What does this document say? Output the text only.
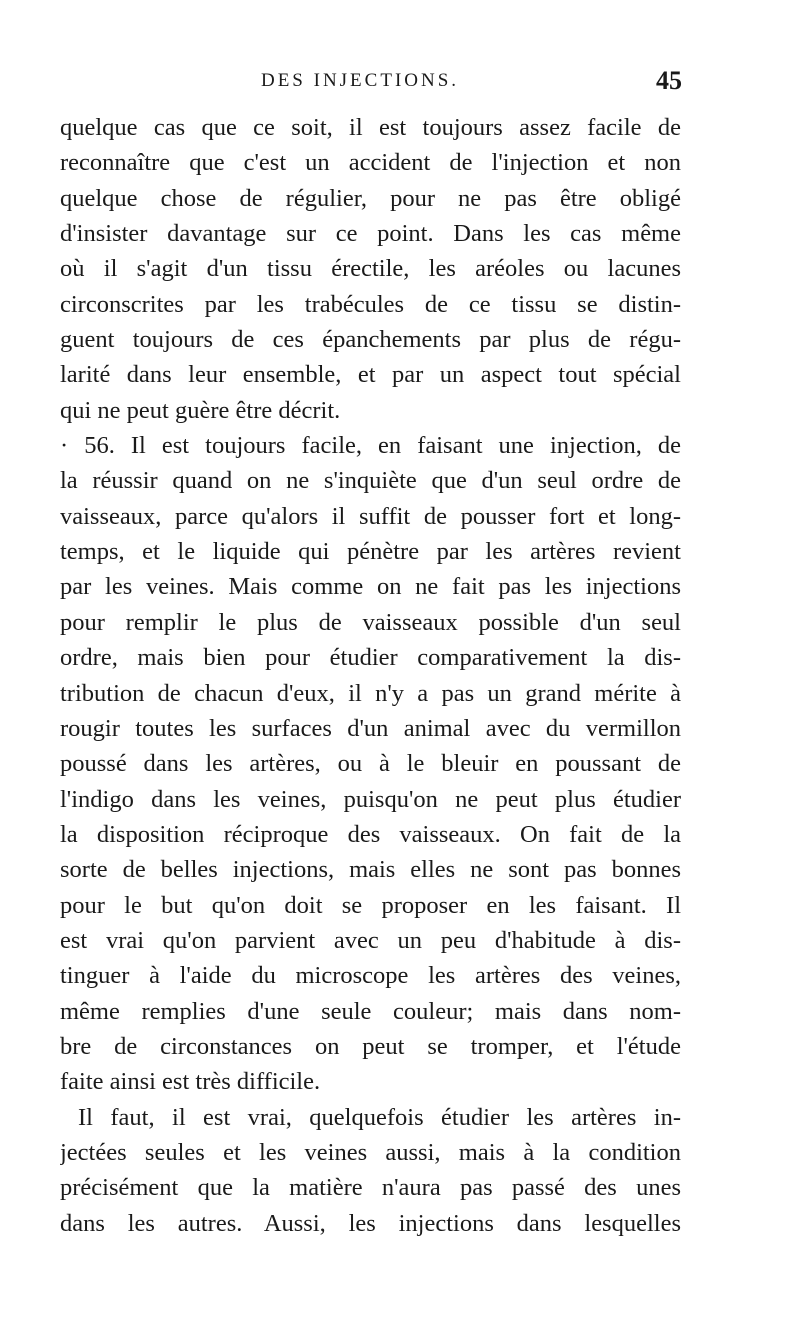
DES INJECTIONS.	45
quelque cas que ce soit, il est toujours assez facile de
reconnaître que c'est un accident de l'injection et non
quelque chose de régulier, pour ne pas être obligé
d'insister davantage sur ce point. Dans les cas même
où il s'agit d'un tissu érectile, les aréoles ou lacunes
circonscrites par les trabécules de ce tissu se distin-
guent toujours de ces épanchements par plus de régu-
larité dans leur ensemble, et par un aspect tout spécial
qui ne peut guère être décrit.
· 56. Il est toujours facile, en faisant une injection, de
la réussir quand on ne s'inquiète que d'un seul ordre de
vaisseaux, parce qu'alors il suffit de pousser fort et long-
temps, et le liquide qui pénètre par les artères revient
par les veines. Mais comme on ne fait pas les injections
pour remplir le plus de vaisseaux possible d'un seul
ordre, mais bien pour étudier comparativement la dis-
tribution de chacun d'eux, il n'y a pas un grand mérite à
rougir toutes les surfaces d'un animal avec du vermillon
poussé dans les artères, ou à le bleuir en poussant de
l'indigo dans les veines, puisqu'on ne peut plus étudier
la disposition réciproque des vaisseaux. On fait de la
sorte de belles injections, mais elles ne sont pas bonnes
pour le but qu'on doit se proposer en les faisant. Il
est vrai qu'on parvient avec un peu d'habitude à dis-
tinguer à l'aide du microscope les artères des veines,
même remplies d'une seule couleur; mais dans nom-
bre de circonstances on peut se tromper, et l'étude
faite ainsi est très difficile.
Il faut, il est vrai, quelquefois étudier les artères in-
jectées seules et les veines aussi, mais à la condition
précisément que la matière n'aura pas passé des unes
dans les autres. Aussi, les injections dans lesquelles
